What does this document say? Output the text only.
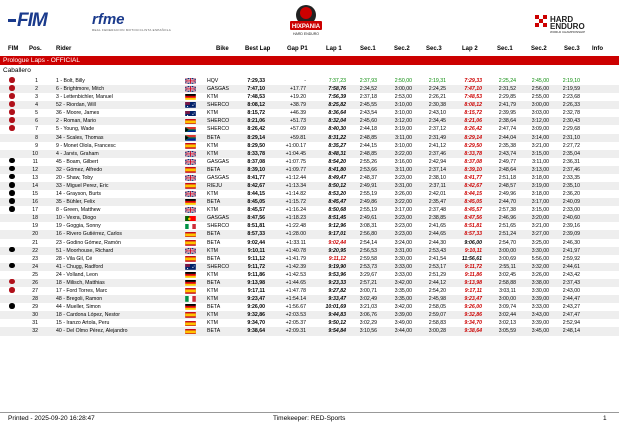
FIM	rfme
REAL FEDERACION MOTOCICLISTA ESPAÑOLA	HIXPANIA
HARD ENDURO
HARD
ENDURO
WORLD CHAMPIONSHIP
FIM Pos. Rider	Bike	Best Lap	Gap P1	Lap 1	Sec.1	Sec.2	Sec.3	Lap 2	Sec.1	Sec.2	Sec.3 Info
Prologue Laps - OFFICIAL
Caballero
1	1 - Bolt, Billy	HQV	7:29,33	-	7:37,23	2:37,93	2:50,00	2:19,31	7:29,33	2:25,24	2:45,00	2:19,10
2	6 - Brightmore, Mitch	GASGAS	7:47,10	+17.77	7:58,76	2:34,52	3:00,00	2:24,25	7:47,10	2:31,52	2:56,00	2:19,59
3	3 - Lettenbichler, Manuel	KTM	7:48,53	+19.20	7:56,39	2:37,18	2:53,00	2:26,21	7:48,53	2:29,85	2:55,00	2:23,68
4	52 - Riordan, Will	SHERCO	8:08,12	+38.79	8:25,82	2:45,55	3:10,00	2:30,38	8:08,12	2:41,79	3:00,00	2:26,33
5	36 - Moore, James	KTM	8:15,72	+46.39	8:36,64	2:43,54	3:10,00	2:43,10	8:15,72	2:39,95	3:03,00	2:32,78
6	2 - Roman, Mario	SHERCO	8:21,06	+51.73	8:32,04	2:45,60	3:12,00	2:34,45	8:21,06	2:38,64	3:12,00	2:30,43
7	5 - Young, Wade	SHERCO	8:26,42	+57.09	8:40,30	2:44,18	3:19,00	2:37,12	8:26,42	2:47,74	3:09,00	2:29,68
8	34 - Scales, Thomas	BETA	8:29,14	+59.81	8:31,22	2:48,85	3:11,00	2:31,49	8:29,14	2:44,04	3:14,00	2:31,10
9	9 - Monet Olola, Francesc	KTM	8:29,50	+1:00.17	8:35,27	2:44,15	3:10,00	2:41,12	8:29,50	2:35,38	3:21,00	2:27,72
10	4 - Jarvis, Graham	KTM	8:33,78	+1:04.45	8:48,31	2:48,85	3:22,00	2:37,46	8:33,78	2:43,74	3:15,00	2:35,04
11	45 - Boam, Gilbert	GASGAS	8:37,08	+1:07.75	8:54,20	2:55,26	3:16,00	2:42,94	8:37,08	2:49,77	3:11,00	2:36,31
12	32 - Gómez, Alfredo	BETA	8:39,10	+1:09.77	8:41,80	2:53,66	3:11,00	2:37,14	8:39,10	2:48,64	3:13,00	2:37,46
13	20 - Shaw, Toby	GASGAS	8:41,77	+1:12.44	8:49,47	2:48,37	3:23,00	2:38,10	8:41,77	2:51,18	3:18,00	2:33,35
14	33 - Miguel Perez, Eric	RIEJU	8:42,67	+1:13.34	8:50,12	2:49,91	3:31,00	2:37,11	8:42,67	2:48,57	3:19,00	2:35,10
15	14 - Grayson, Burts	KTM	8:44,15	+1:14.82	8:53,20	2:55,19	3:26,00	2:42,01	8:44,15	2:49,96	3:18,00	2:36,20
16	35 - Bühler, Felix	BETA	8:45,05	+1:15.72	8:45,47	2:49,86	3:22,00	2:35,47	8:45,05	2:44,70	3:17,00	2:40,09
17	8 - Green, Matthew	KTM	8:45,57	+1:16.24	8:50,68	2:55,19	3:17,00	2:37,48	8:45,57	2:57,38	3:15,00	2:33,00
18	10 - Vexra, Diogo	GASGAS	8:47,56	+1:18.23	8:51,45	2:49,61	3:23,00	2:38,85	8:47,56	2:46,96	3:20,00	2:40,60
19	19 - Goggia, Sonny	SHERCO	8:51,81	+1:22.48	9:12,96	3:08,31	3:23,00	2:41,65	8:51,81	2:51,65	3:21,00	2:39,16
20	16 - Rivero Gutiérrez, Carlos	BETA	8:57,33	+1:28.00	9:17,01	2:56,80	3:23,00	2:44,65	8:57,33	2:51,24	3:27,00	2:39,09
21	23 - Godino Gómez, Ramón	BETA	9:02,44	+1:33.11	9:02,44	2:54,14	3:24,00	2:44,30	9:06,00	2:54,70	3:25,00	2:46,30
22	51 - Moorhouse, Richard	KTM	9:10,11	+1:40.78	9:20,95	2:56,53	3:31,00	2:53,43	9:10,11	3:00,00	3:30,00	2:41,97
23	28 - Vila Gil, Cé	BETA	9:11,12	+1:41.79	9:11,12	2:59,58	3:30,00	2:41,54	11:56,61	3:00,69	5:56,00	2:59,92
24	41 - Chugg, Radford	SHERCO	9:11,72	+1:42.39	9:19,90	2:53,73	3:33,00	2:53,17	9:11,72	2:55,11	3:32,00	2:44,61
25	24 - Volland, Leon	KTM	9:11,86	+1:42.53	9:53,96	3:29,67	3:33,00	2:51,29	9:11,86	3:02,45	3:26,00	2:43,42
26	18 - Milisch, Matthias	BETA	9:13,98	+1:44.65	9:23,33	2:57,21	3:42,00	2:44,12	9:13,98	2:58,88	3:38,00	2:37,43
27	17 - Ford Torres, Marc	KTM	9:17,11	+1:47.78	9:27,82	3:00,71	3:35,00	2:54,20	9:17,11	3:03,11	3:30,00	2:43,00
28	48 - Bregoli, Ramon	KTM	9:23,47	+1:54.14	9:33,47	3:02,49	3:35,00	2:45,98	9:23,47	3:00,00	3:39,00	2:44,47
29	44 - Mueller, Simon	BETA	9:26,00	+1:56.67	10:01,69	3:21,03	3:42,00	2:58,05	9:26,00	3:09,74	3:33,00	2:43,27
30	18 - Cardona López, Nestor	KTM	9:32,86	+2:03.53	9:44,83	3:06,76	3:39,00	2:59,07	9:32,86	3:02,44	3:43,00	2:47,47
31	15 - Iranzo Artola, Peru	KTM	9:34,70	+2:05.37	9:50,12	3:02,29	3:49,00	2:58,83	9:34,70	3:02,13	3:39,00	2:52,94
32	40 - Del Olmo Pérez, Alejandro	BETA	9:38,64	+2:09.31	9:54,84	3:10,56	3:44,00	3:00,28	9:38,64	3:05,59	3:45,00	2:48,14
Printed - 2025-09-20 16:28:47	Timekeeper: RED-Sports	1
